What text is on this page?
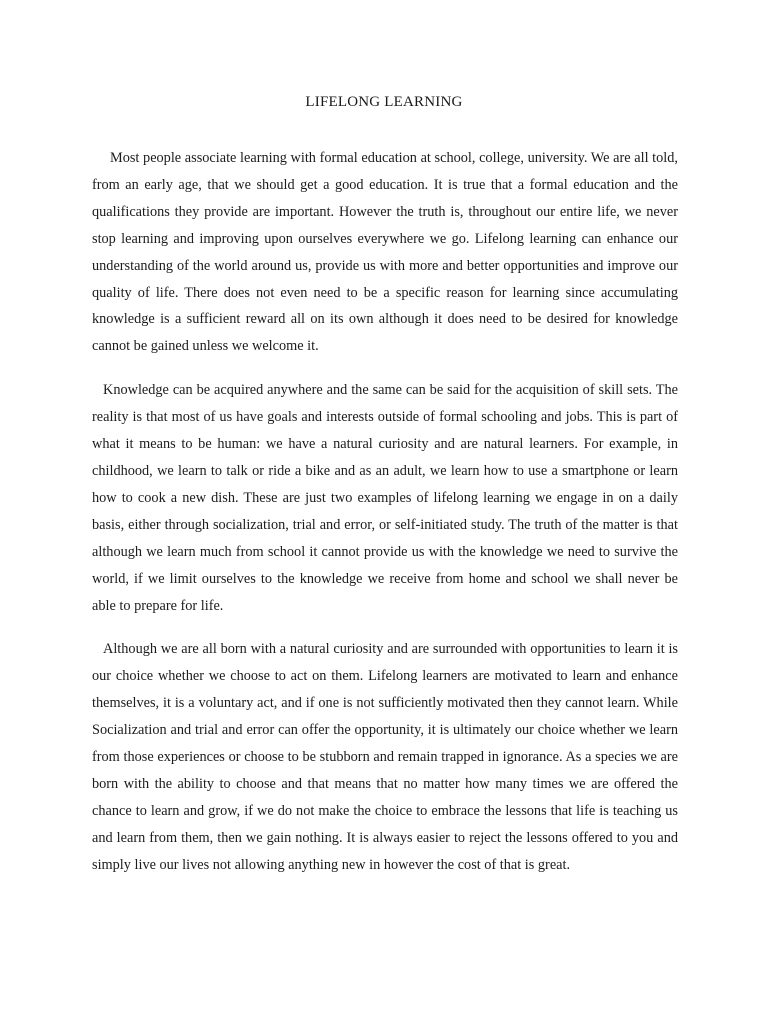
LIFELONG LEARNING

Most people associate learning with formal education at school, college, university. We are all told, from an early age, that we should get a good education. It is true that a formal education and the qualifications they provide are important. However the truth is, throughout our entire life, we never stop learning and improving upon ourselves everywhere we go. Lifelong learning can enhance our understanding of the world around us, provide us with more and better opportunities and improve our quality of life. There does not even need to be a specific reason for learning since accumulating knowledge is a sufficient reward all on its own although it does need to be desired for knowledge cannot be gained unless we welcome it.

Knowledge can be acquired anywhere and the same can be said for the acquisition of skill sets. The reality is that most of us have goals and interests outside of formal schooling and jobs. This is part of what it means to be human: we have a natural curiosity and are natural learners. For example, in childhood, we learn to talk or ride a bike and as an adult, we learn how to use a smartphone or learn how to cook a new dish. These are just two examples of lifelong learning we engage in on a daily basis, either through socialization, trial and error, or self-initiated study. The truth of the matter is that although we learn much from school it cannot provide us with the knowledge we need to survive the world, if we limit ourselves to the knowledge we receive from home and school we shall never be able to prepare for life.

Although we are all born with a natural curiosity and are surrounded with opportunities to learn it is our choice whether we choose to act on them. Lifelong learners are motivated to learn and enhance themselves, it is a voluntary act, and if one is not sufficiently motivated then they cannot learn. While Socialization and trial and error can offer the opportunity, it is ultimately our choice whether we learn from those experiences or choose to be stubborn and remain trapped in ignorance. As a species we are born with the ability to choose and that means that no matter how many times we are offered the chance to learn and grow, if we do not make the choice to embrace the lessons that life is teaching us and learn from them, then we gain nothing. It is always easier to reject the lessons offered to you and simply live our lives not allowing anything new in however the cost of that is great.
